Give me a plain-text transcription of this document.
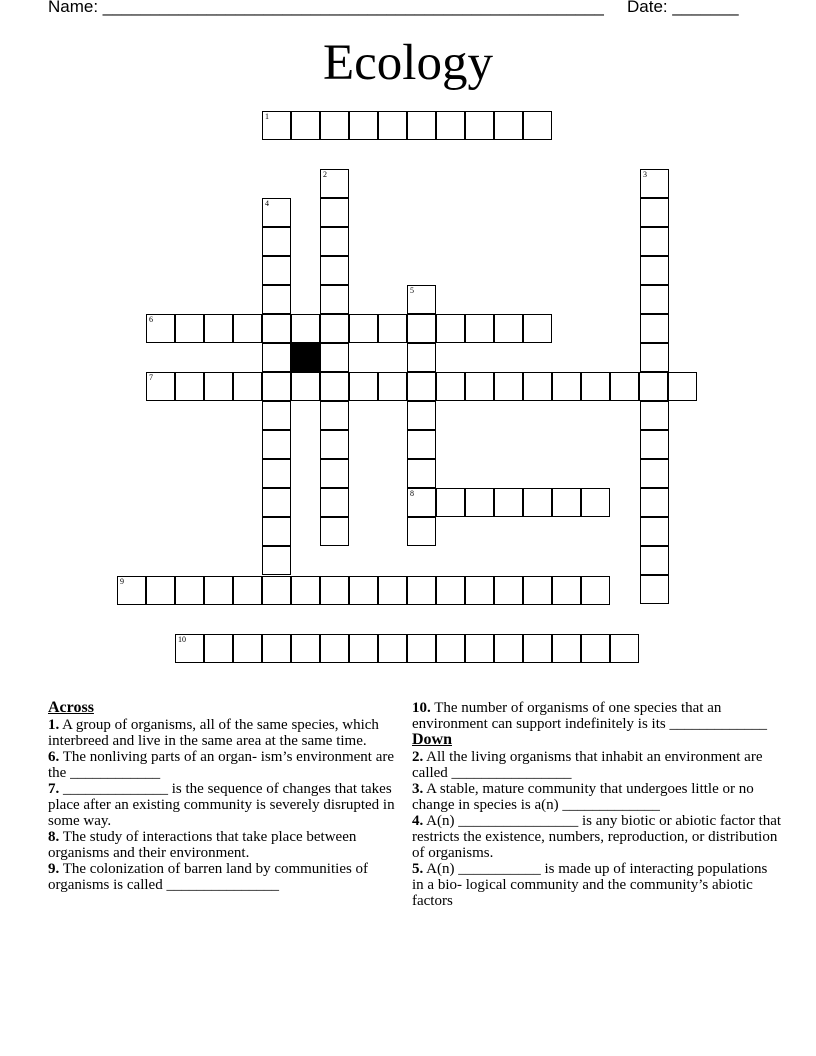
Name: _____________________________________________________ Date: _______
Ecology
1
2	3
4
5
8
6
7
9
10
Across
1. A group of organisms, all of the same species, which interbreed and live in the same area at the same time.
6. The nonliving parts of an organ- ism’s environment are the ____________
7. ______________ is the sequence of changes that takes place after an existing community is severely disrupted in some way.
8. The study of interactions that take place between organisms and their environment.
9. The colonization of barren land by communities of organisms is called _______________
10. The number of organisms of one species that an environment can support indefinitely is its _____________
Down
2. All the living organisms that inhabit an environment are called ________________
3. A stable, mature community that undergoes little or no change in species is a(n) _____________
4. A(n) ________________ is any biotic or abiotic factor that restricts the existence, numbers, reproduction, or distribution of organisms.
5. A(n) ___________ is made up of interacting populations in a bio- logical community and the community’s abiotic factors
